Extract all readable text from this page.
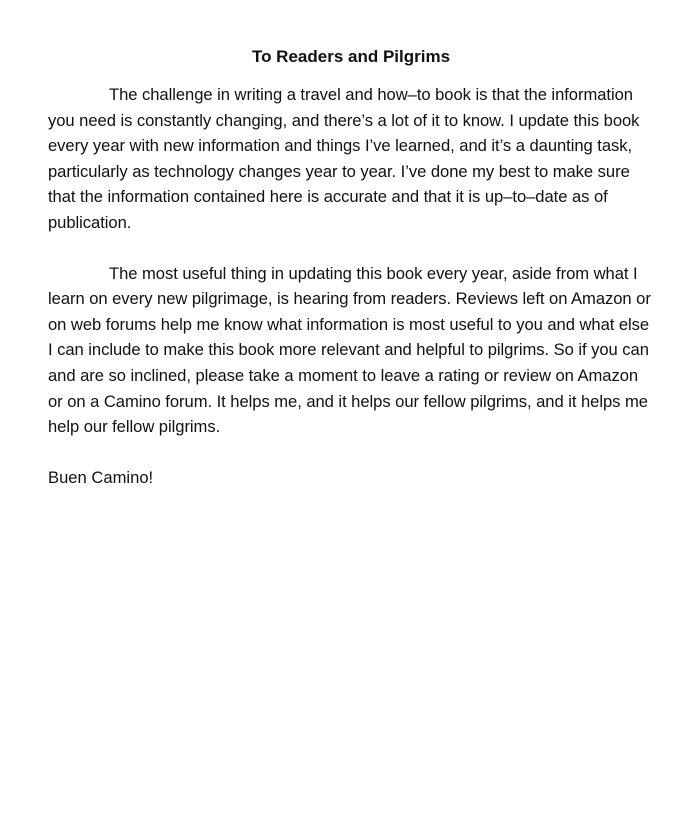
To Readers and Pilgrims

The challenge in writing a travel and how–to book is that the information you need is constantly changing, and there’s a lot of it to know. I update this book every year with new information and things I’ve learned, and it’s a daunting task, particularly as technology changes year to year. I’ve done my best to make sure that the information contained here is accurate and that it is up–to–date as of publication.

The most useful thing in updating this book every year, aside from what I learn on every new pilgrimage, is hearing from readers. Reviews left on Amazon or on web forums help me know what information is most useful to you and what else I can include to make this book more relevant and helpful to pilgrims. So if you can and are so inclined, please take a moment to leave a rating or review on Amazon or on a Camino forum. It helps me, and it helps our fellow pilgrims, and it helps me help our fellow pilgrims.

Buen Camino!
